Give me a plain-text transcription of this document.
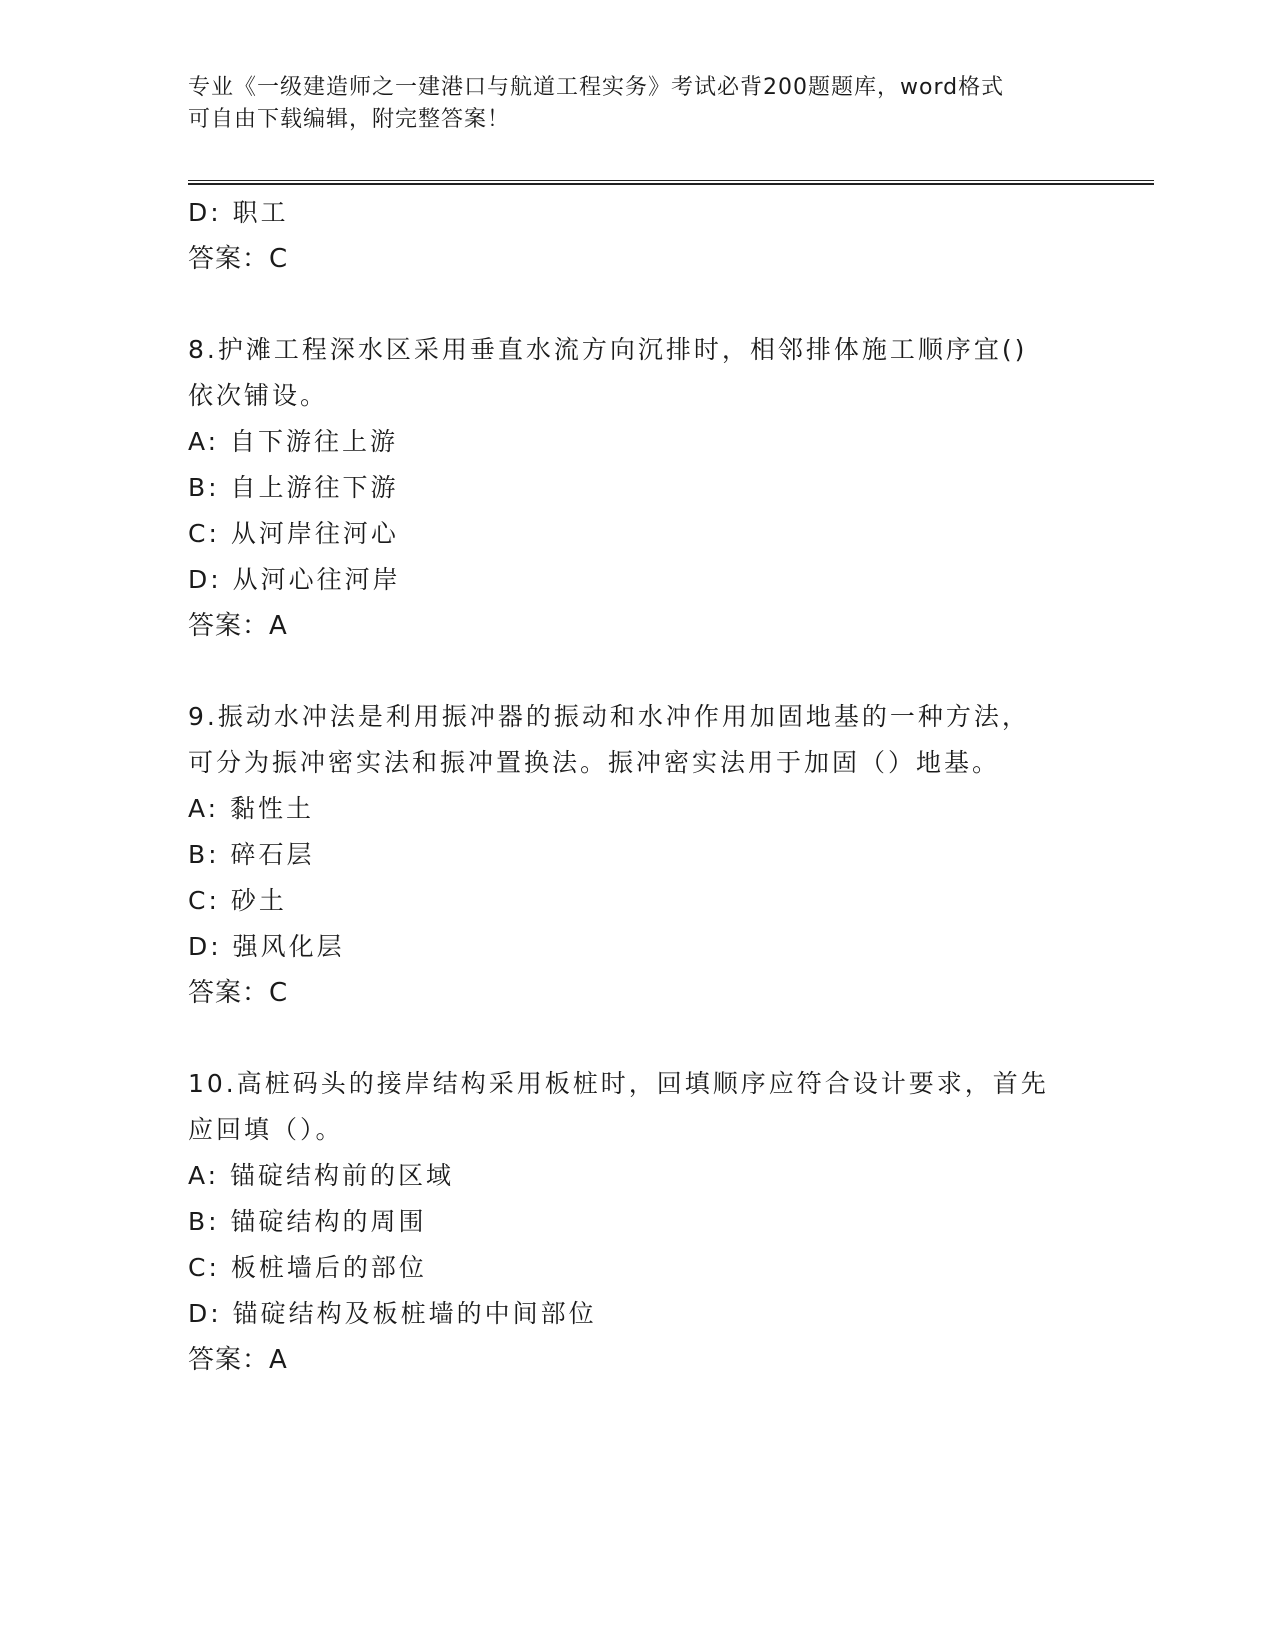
专业《一级建造师之一建港口与航道工程实务》考试必背200题题库，word格式
可自由下载编辑，附完整答案！
D: 职工
答案：C
8.护滩工程深水区采用垂直水流方向沉排时，相邻排体施工顺序宜()
依次铺设。
A: 自下游往上游
B: 自上游往下游
C: 从河岸往河心
D: 从河心往河岸
答案：A
9.振动水冲法是利用振冲器的振动和水冲作用加固地基的一种方法，
可分为振冲密实法和振冲置换法。振冲密实法用于加固（）地基。
A: 黏性土
B: 碎石层
C: 砂土
D: 强风化层
答案：C
10.高桩码头的接岸结构采用板桩时，回填顺序应符合设计要求，首先
应回填（）。
A: 锚碇结构前的区域
B: 锚碇结构的周围
C: 板桩墙后的部位
D: 锚碇结构及板桩墙的中间部位
答案：A
